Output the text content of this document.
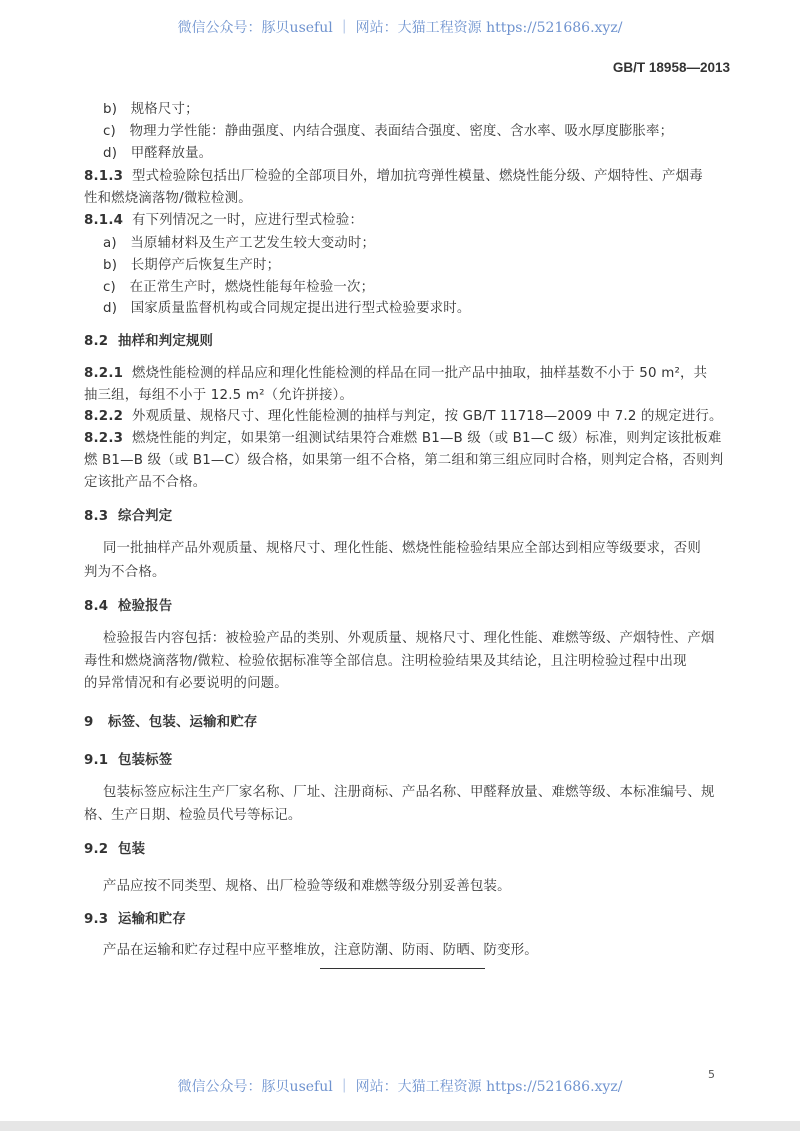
微信公众号：豚贝useful ｜ 网站：大猫工程资源 https://521686.xyz/
GB/T 18958—2013
b)　规格尺寸；
c)　物理力学性能：静曲强度、内结合强度、表面结合强度、密度、含水率、吸水厚度膨胀率；
d)　甲醛释放量。
8.1.3 型式检验除包括出厂检验的全部项目外，增加抗弯弹性模量、燃烧性能分级、产烟特性、产烟毒
性和燃烧滴落物/微粒检测。
8.1.4 有下列情况之一时，应进行型式检验：
a)　当原辅材料及生产工艺发生较大变动时；
b)　长期停产后恢复生产时；
c)　在正常生产时，燃烧性能每年检验一次；
d)　国家质量监督机构或合同规定提出进行型式检验要求时。
8.2 抽样和判定规则
8.2.1 燃烧性能检测的样品应和理化性能检测的样品在同一批产品中抽取，抽样基数不小于 50 m²，共
抽三组，每组不小于 12.5 m²（允许拼接）。
8.2.2 外观质量、规格尺寸、理化性能检测的抽样与判定，按 GB/T 11718—2009 中 7.2 的规定进行。
8.2.3 燃烧性能的判定，如果第一组测试结果符合难燃 B1—B 级（或 B1—C 级）标准，则判定该批板难
燃 B1—B 级（或 B1—C）级合格，如果第一组不合格，第二组和第三组应同时合格，则判定合格，否则判
定该批产品不合格。
8.3 综合判定
同一批抽样产品外观质量、规格尺寸、理化性能、燃烧性能检验结果应全部达到相应等级要求，否则
判为不合格。
8.4 检验报告
检验报告内容包括：被检验产品的类别、外观质量、规格尺寸、理化性能、难燃等级、产烟特性、产烟
毒性和燃烧滴落物/微粒、检验依据标准等全部信息。注明检验结果及其结论，且注明检验过程中出现
的异常情况和有必要说明的问题。
9 标签、包装、运输和贮存
9.1 包装标签
包装标签应标注生产厂家名称、厂址、注册商标、产品名称、甲醛释放量、难燃等级、本标准编号、规
格、生产日期、检验员代号等标记。
9.2 包装
产品应按不同类型、规格、出厂检验等级和难燃等级分别妥善包装。
9.3 运输和贮存
产品在运输和贮存过程中应平整堆放，注意防潮、防雨、防晒、防变形。
5
微信公众号：豚贝useful ｜ 网站：大猫工程资源 https://521686.xyz/
